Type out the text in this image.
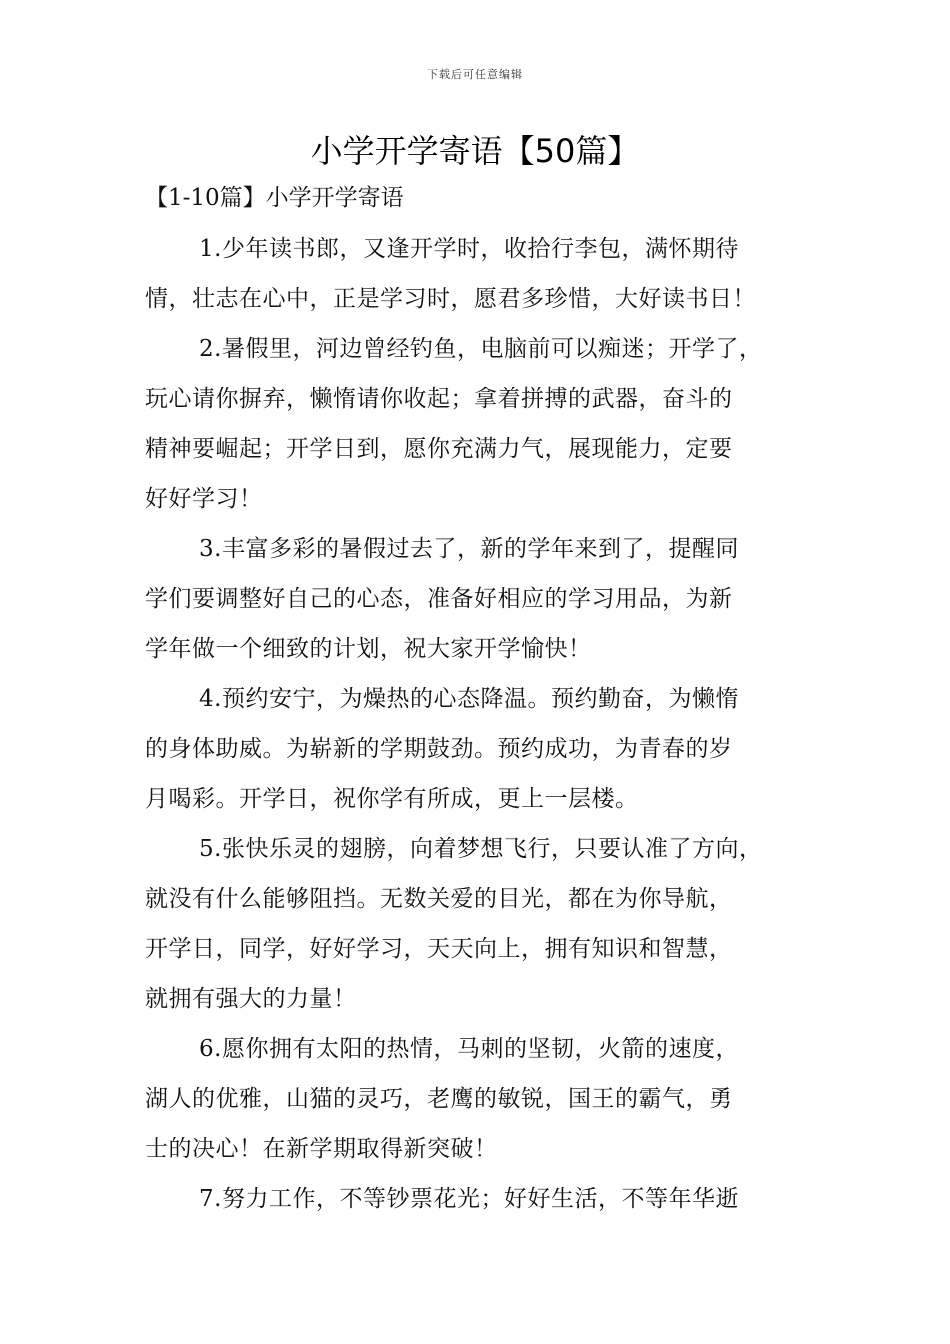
下载后可任意编辑
小学开学寄语【50篇】
【1-10篇】小学开学寄语
1.少年读书郎，又逢开学时，收拾行李包，满怀期待
情，壮志在心中，正是学习时，愿君多珍惜，大好读书日！
2.暑假里，河边曾经钓鱼，电脑前可以痴迷；开学了，
玩心请你摒弃，懒惰请你收起；拿着拼搏的武器，奋斗的
精神要崛起；开学日到，愿你充满力气，展现能力，定要
好好学习！
3.丰富多彩的暑假过去了，新的学年来到了，提醒同
学们要调整好自己的心态，准备好相应的学习用品，为新
学年做一个细致的计划，祝大家开学愉快！
4.预约安宁，为燥热的心态降温。预约勤奋，为懒惰
的身体助威。为崭新的学期鼓劲。预约成功，为青春的岁
月喝彩。开学日，祝你学有所成，更上一层楼。
5.张快乐灵的翅膀，向着梦想飞行，只要认准了方向，
就没有什么能够阻挡。无数关爱的目光，都在为你导航，
开学日，同学，好好学习，天天向上，拥有知识和智慧，
就拥有强大的力量！
6.愿你拥有太阳的热情，马刺的坚韧，火箭的速度，
湖人的优雅，山猫的灵巧，老鹰的敏锐，国王的霸气，勇
士的决心！在新学期取得新突破！
7.努力工作，不等钞票花光；好好生活，不等年华逝
